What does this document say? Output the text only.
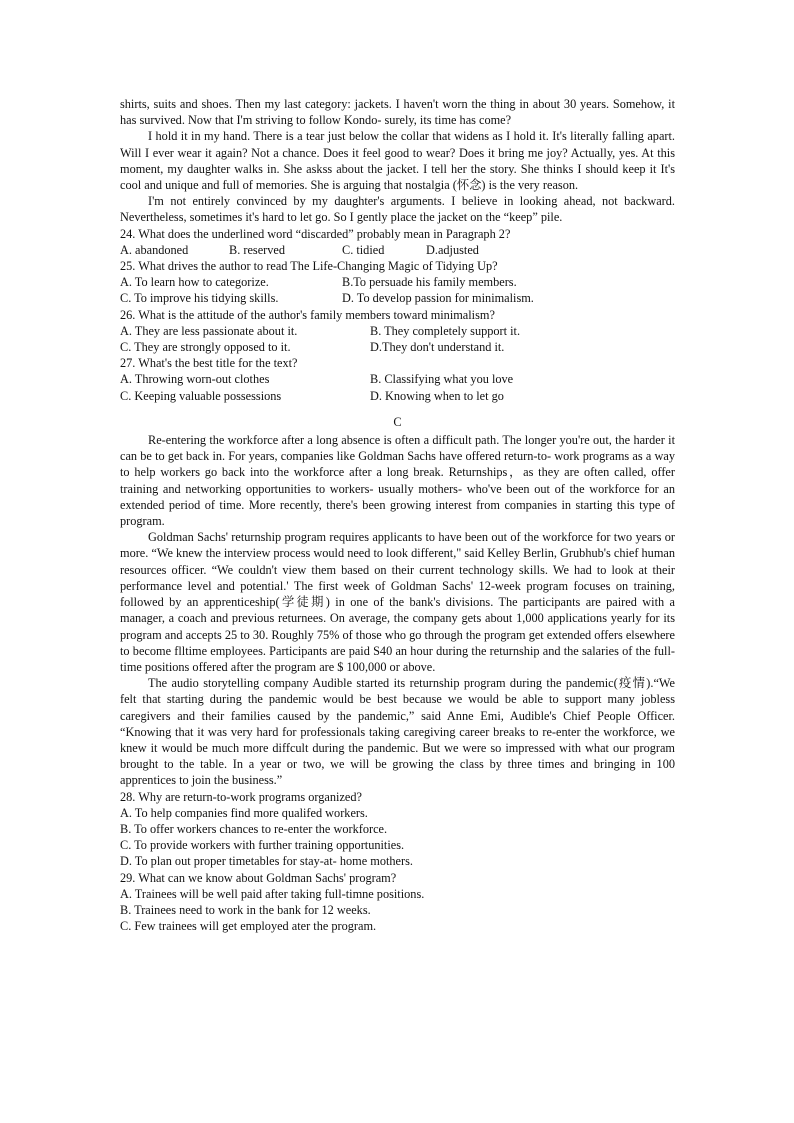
shirts, suits and shoes. Then my last category: jackets. I haven't worn the thing in about 30 years. Somehow, it has survived. Now that I'm striving to follow Kondo- surely, its time has come?

I hold it in my hand. There is a tear just below the collar that widens as I hold it. It's literally falling apart. Will I ever wear it again? Not a chance. Does it feel good to wear? Does it bring me joy? Actually, yes. At this moment, my daughter walks in. She askss about the jacket. I tell her the story. She thinks I should keep it It's cool and unique and full of memories. She is arguing that nostalgia (怀念) is the very reason.

I'm not entirely convinced by my daughter's arguments. I believe in looking ahead, not backward. Nevertheless, sometimes it's hard to let go. So I gently place the jacket on the “keep” pile.

24. What does the underlined word “discarded” probably mean in Paragraph 2?

A. abandoned	B. reserved	C. tidied	D.adjusted

25. What drives the author to read The Life-Changing Magic of Tidying Up?

A. To learn how to categorize.	B.To persuade his family members.
C. To improve his tidying skills.	D. To develop passion for minimalism.

26. What is the attitude of the author's family members toward minimalism?

A. They are less passionate about it.	B. They completely support it.
C. They are strongly opposed to it.	D.They don't understand it.

27. What's the best title for the text?

A. Throwing worn-out clothes	B. Classifying what you love
C. Keeping valuable possessions	D. Knowing when to let go

C

Re-entering the workforce after a long absence is often a difficult path. The longer you're out, the harder it can be to get back in. For years, companies like Goldman Sachs have offered return-to- work programs as a way to help workers go back into the workforce after a long break. Returnships，as they are often called, offer training and networking opportunities to workers- usually mothers- who've been out of the workforce for an extended period of time. More recently, there's been growing interest from companies in starting this type of program.

Goldman Sachs' returnship program requires applicants to have been out of the workforce for two years or more. “We knew the interview process would need to look different," said Kelley Berlin, Grubhub's chief human resources officer. “We couldn't view them based on their current technology skills. We had to look at their performance level and potential.' The first week of Goldman Sachs' 12-week program focuses on training, followed by an apprenticeship(学徒期) in one of the bank's divisions. The participants are paired with a manager, a coach and previous returnees. On average, the company gets about 1,000 applications yearly for its program and accepts 25 to 30. Roughly 75% of those who go through the program get extended offers elsewhere to become flltime employees. Participants are paid S40 an hour during the returnship and the salaries of the full-time positions offered after the program are $ 100,000 or above.

The audio storytelling company Audible started its returnship program during the pandemic(疫情).“We felt that starting during the pandemic would be best because we would be able to support many jobless caregivers and their families caused by the pandemic,” said Anne Emi, Audible's Chief People Officer. “Knowing that it was very hard for professionals taking caregiving career breaks to re-enter the workforce, we knew it would be much more diffcult during the pandemic. But we were so impressed with what our program brought to the table. In a year or two, we will be growing the class by three times and bringing in 100 apprentices to join the business.”

28. Why are return-to-work programs organized?

A. To help companies find more qualifed workers.

B. To offer workers chances to re-enter the workforce.

C. To provide workers with further training opportunities.

D. To plan out proper timetables for stay-at- home mothers.

29. What can we know about Goldman Sachs' program?

A. Trainees will be well paid after taking full-timne positions.

B. Trainees need to work in the bank for 12 weeks.

C. Few trainees will get employed ater the program.
